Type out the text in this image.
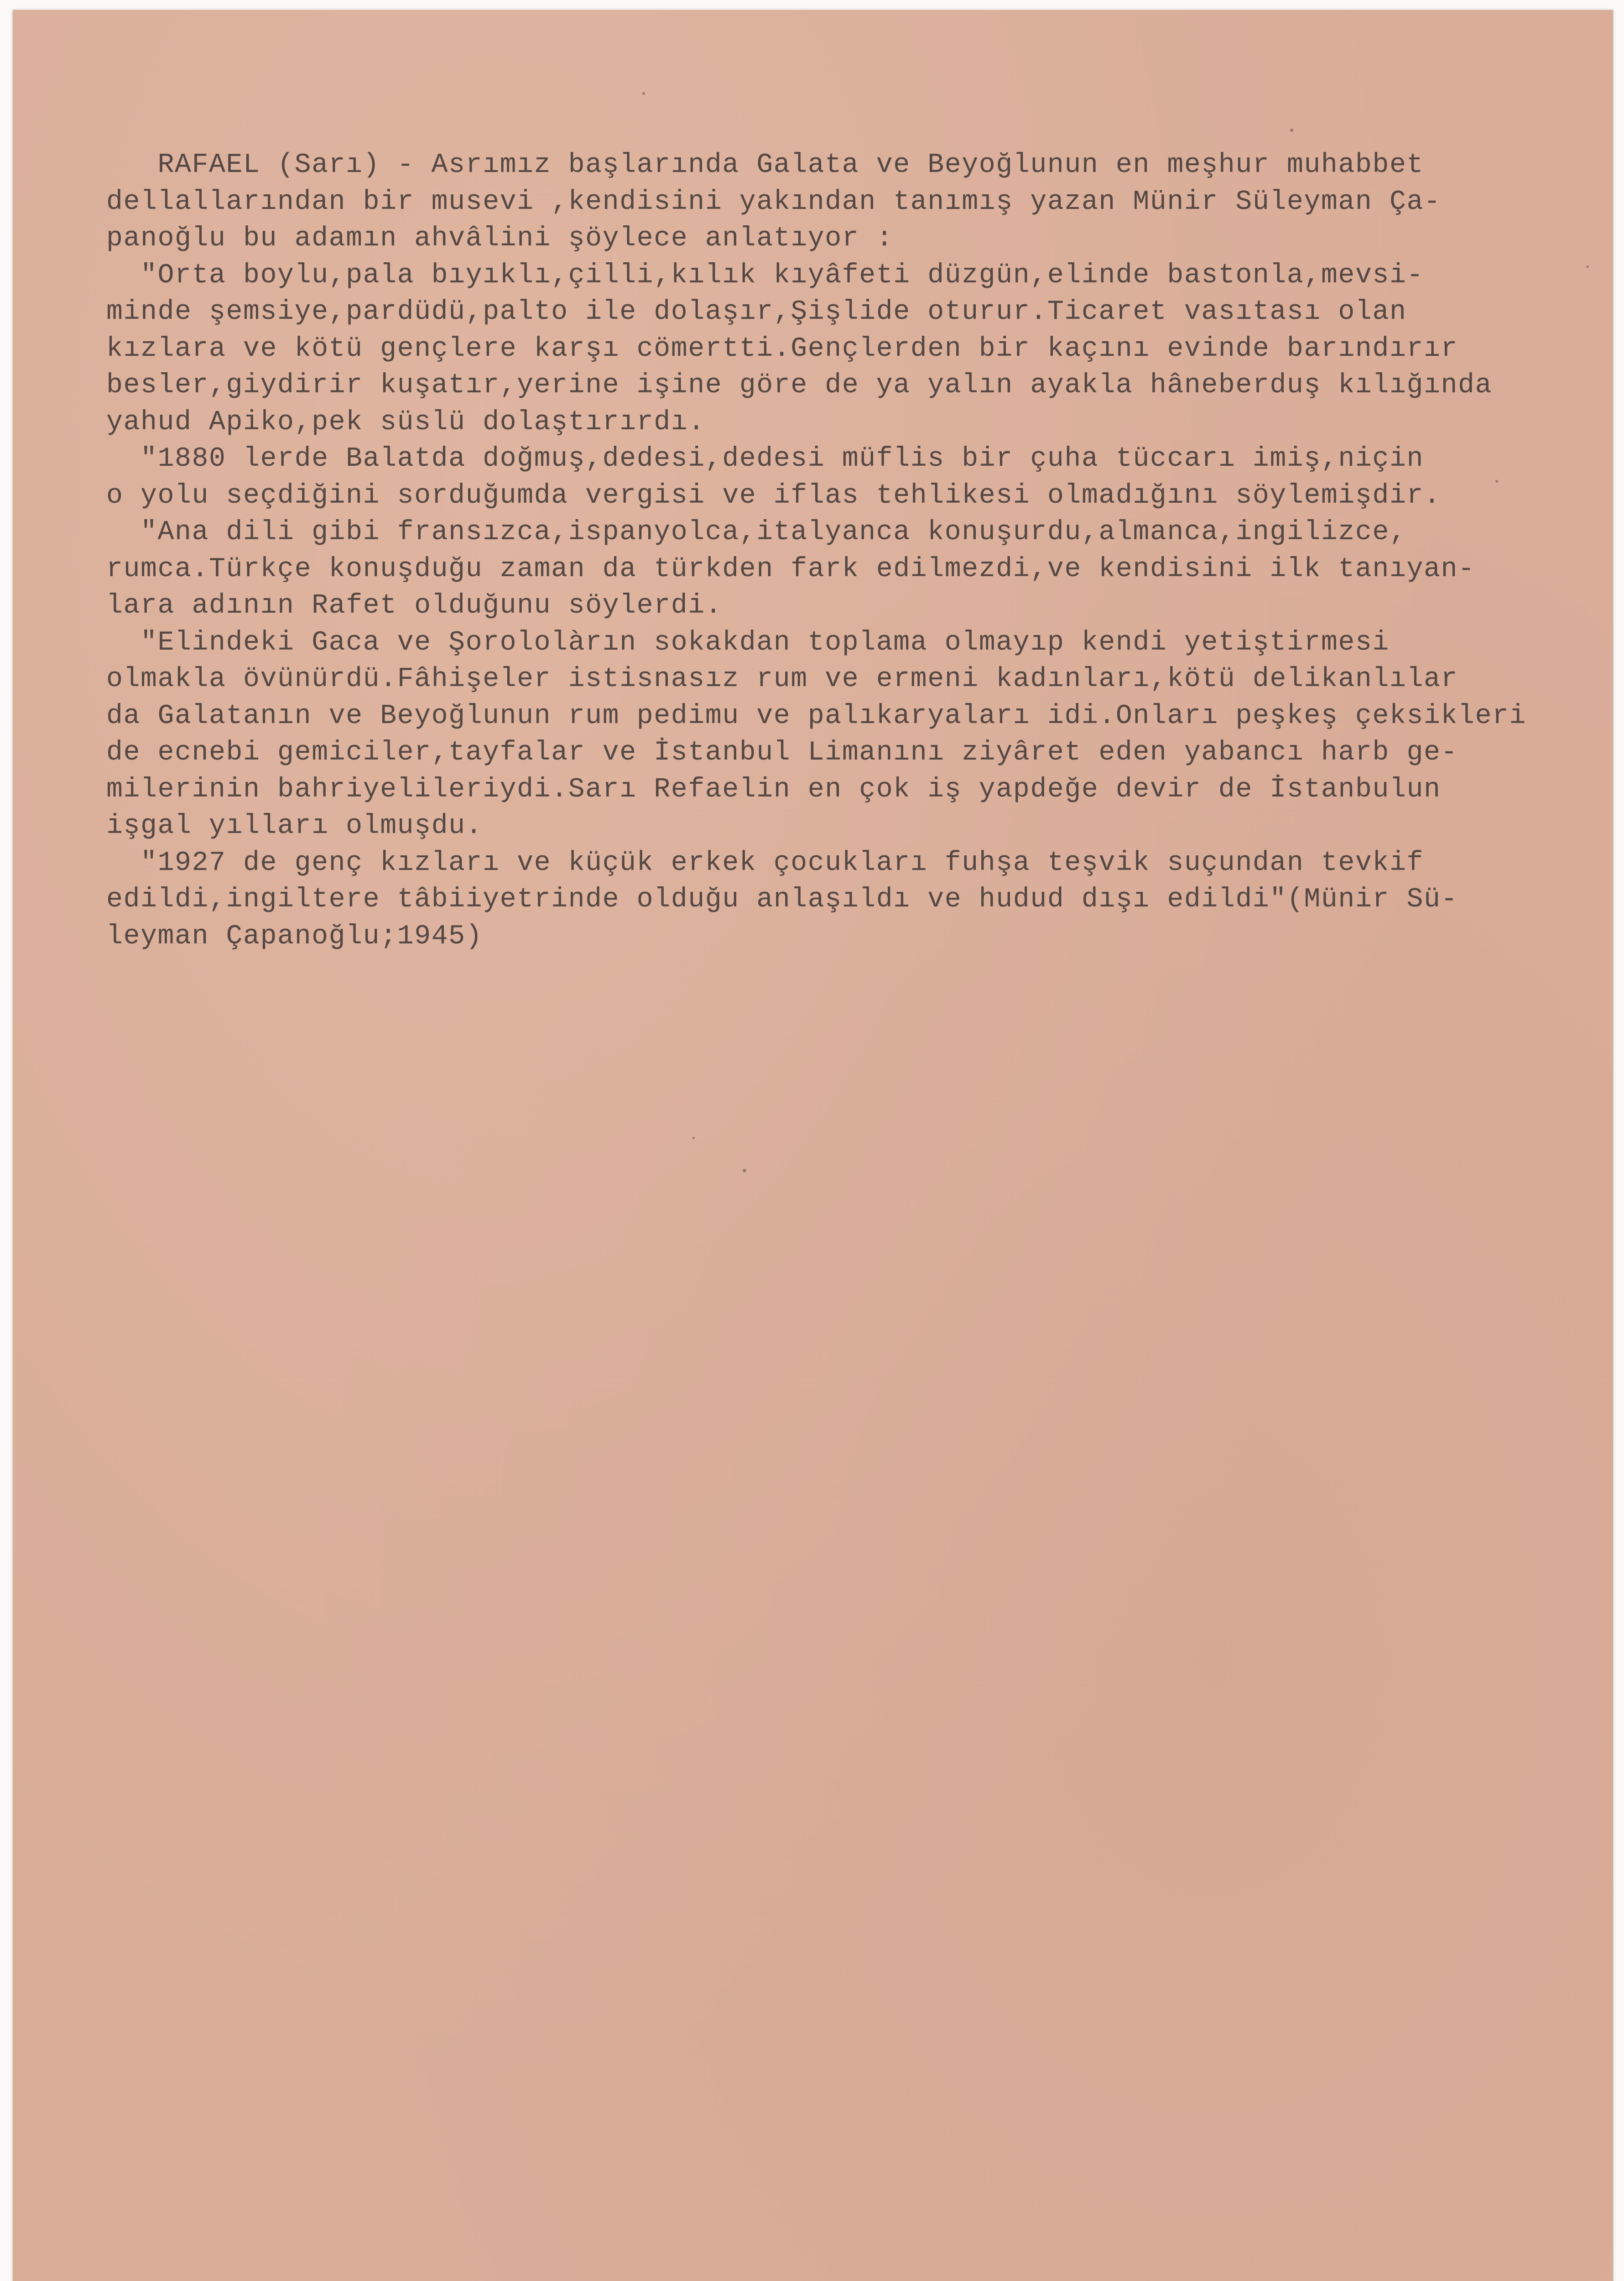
RAFAEL (Sarı) - Asrımız başlarında Galata ve Beyoğlunun en meşhur muhabbet
dellallarından bir musevi ,kendisini yakından tanımış yazan Münir Süleyman Ça-
panoğlu bu adamın ahvâlini şöylece anlatıyor :
"Orta boylu,pala bıyıklı,çilli,kılık kıyâfeti düzgün,elinde bastonla,mevsi-
minde şemsiye,pardüdü,palto ile dolaşır,Şişlide oturur.Ticaret vasıtası olan
kızlara ve kötü gençlere karşı cömertti.Gençlerden bir kaçını evinde barındırır
besler,giydirir kuşatır,yerine işine göre de ya yalın ayakla hâneberduş kılığında
yahud Apiko,pek süslü dolaştırırdı.
"1880 lerde Balatda doğmuş,dedesi,dedesi müflis bir çuha tüccarı imiş,niçin
o yolu seçdiğini sorduğumda vergisi ve iflas tehlikesi olmadığını söylemişdir.
"Ana dili gibi fransızca,ispanyolca,italyanca konuşurdu,almanca,ingilizce,
rumca.Türkçe konuşduğu zaman da türkden fark edilmezdi,ve kendisini ilk tanıyan-
lara adının Rafet olduğunu söylerdi.
"Elindeki Gaca ve Şorololàrın sokakdan toplama olmayıp kendi yetiştirmesi
olmakla övünürdü.Fâhişeler istisnasız rum ve ermeni kadınları,kötü delikanlılar
da Galatanın ve Beyoğlunun rum pedimu ve palıkaryaları idi.Onları peşkeş çeksikleri
de ecnebi gemiciler,tayfalar ve İstanbul Limanını ziyâret eden yabancı harb ge-
milerinin bahriyelileriydi.Sarı Refaelin en çok iş yapdeğe devir de İstanbulun
işgal yılları olmuşdu.
"1927 de genç kızları ve küçük erkek çocukları fuhşa teşvik suçundan tevkif
edildi,ingiltere tâbiiyetrinde olduğu anlaşıldı ve hudud dışı edildi"(Münir Sü-
leyman Çapanoğlu;1945)
